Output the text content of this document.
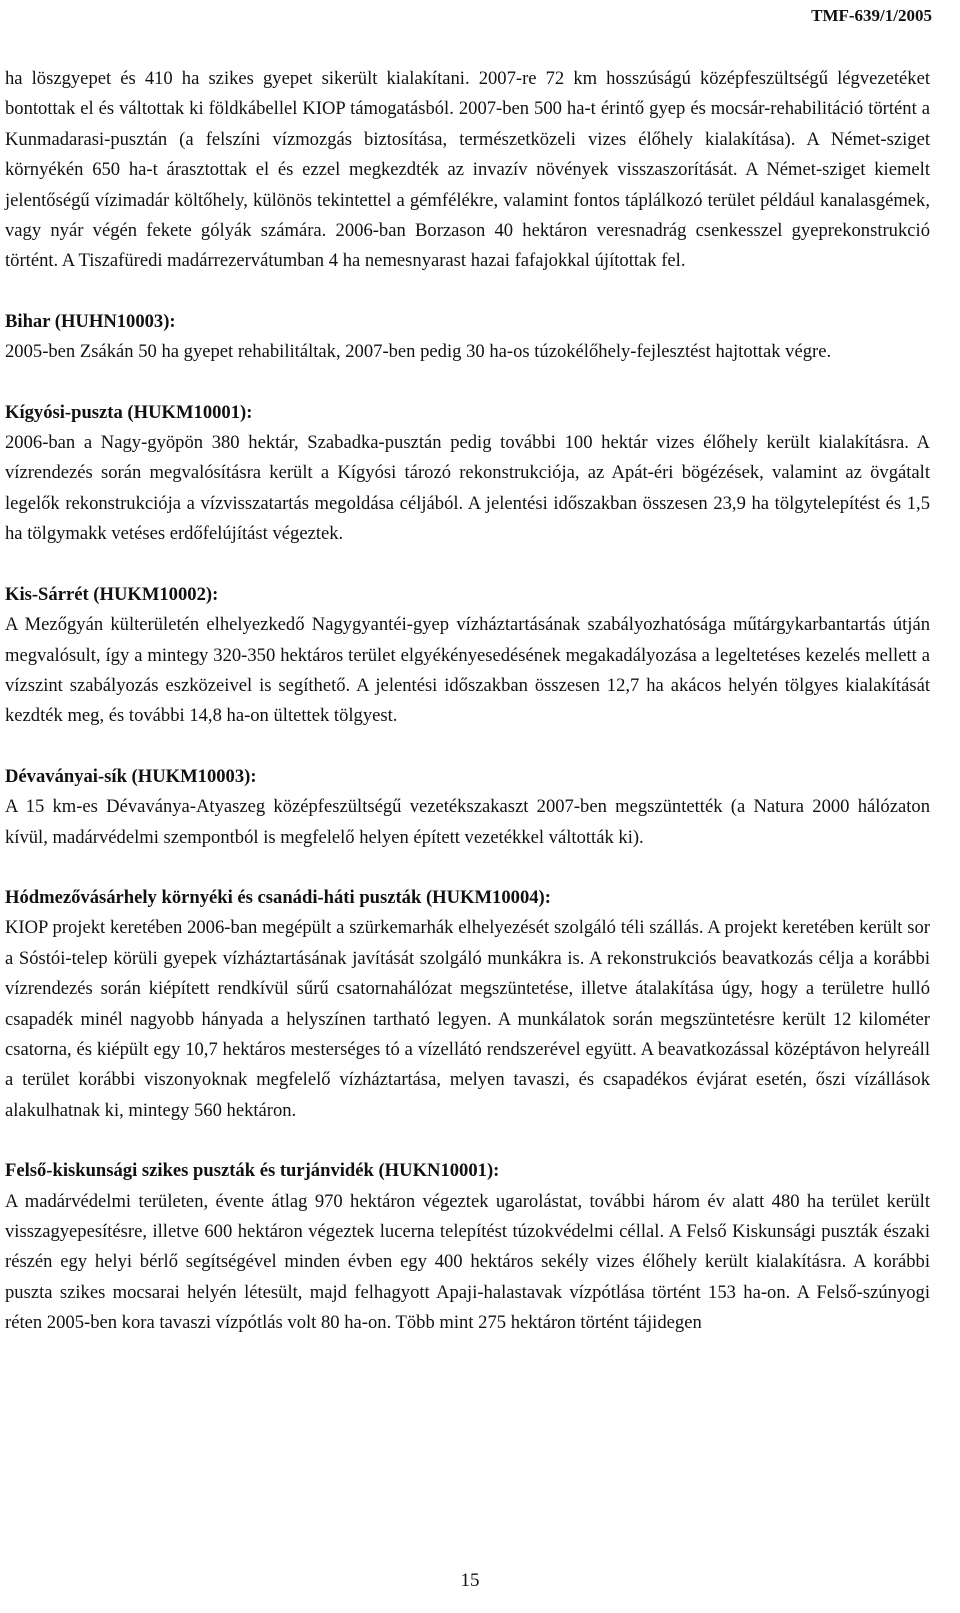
TMF-639/1/2005

ha löszgyepet és 410 ha szikes gyepet sikerült kialakítani. 2007-re 72 km hosszúságú középfeszültségű légvezetéket bontottak el és váltottak ki földkábellel KIOP támogatásból. 2007-ben 500 ha-t érintő gyep és mocsár-rehabilitáció történt a Kunmadarasi-pusztán (a felszíni vízmozgás biztosítása, természetközeli vizes élőhely kialakítása). A Német-sziget környékén 650 ha-t árasztottak el és ezzel megkezdték az invazív növények visszaszorítását. A Német-sziget kiemelt jelentőségű vízimadár költőhely, különös tekintettel a gémfélékre, valamint fontos táplálkozó terület például kanalasgémek, vagy nyár végén fekete gólyák számára. 2006-ban Borzason 40 hektáron veresnadrág csenkesszel gyeprekonstrukció történt. A Tiszafüredi madárrezervátumban 4 ha nemesnyarast hazai fafajokkal újítottak fel.

Bihar (HUHN10003):

2005-ben Zsákán 50 ha gyepet rehabilitáltak, 2007-ben pedig 30 ha-os túzokélőhely-fejlesztést hajtottak végre.

Kígyósi-puszta (HUKM10001):

2006-ban a Nagy-gyöpön 380 hektár, Szabadka-pusztán pedig további 100 hektár vizes élőhely került kialakításra. A vízrendezés során megvalósításra került a Kígyósi tározó rekonstrukciója, az Apát-éri bögézések, valamint az övgátalt legelők rekonstrukciója a vízvisszatartás megoldása céljából. A jelentési időszakban összesen 23,9 ha tölgytelepítést és 1,5 ha tölgymakk vetéses erdőfelújítást végeztek.

Kis-Sárrét (HUKM10002):

A Mezőgyán külterületén elhelyezkedő Nagygyantéi-gyep vízháztartásának szabályozhatósága műtárgykarbantartás útján megvalósult, így a mintegy 320-350 hektáros terület elgyékényesedésének megakadályozása a legeltetéses kezelés mellett a vízszint szabályozás eszközeivel is segíthető. A jelentési időszakban összesen 12,7 ha akácos helyén tölgyes kialakítását kezdték meg, és további 14,8 ha-on ültettek tölgyest.

Dévaványai-sík (HUKM10003):

A 15 km-es Dévaványa-Atyaszeg középfeszültségű vezetékszakaszt 2007-ben megszüntették (a Natura 2000 hálózaton kívül, madárvédelmi szempontból is megfelelő helyen épített vezetékkel váltották ki).

Hódmezővásárhely környéki és csanádi-háti puszták (HUKM10004):

KIOP projekt keretében 2006-ban megépült a szürkemarhák elhelyezését szolgáló téli szállás. A projekt keretében került sor a Sóstói-telep körüli gyepek vízháztartásának javítását szolgáló munkákra is. A rekonstrukciós beavatkozás célja a korábbi vízrendezés során kiépített rendkívül sűrű csatornahálózat megszüntetése, illetve átalakítása úgy, hogy a területre hulló csapadék minél nagyobb hányada a helyszínen tartható legyen. A munkálatok során megszüntetésre került 12 kilométer csatorna, és kiépült egy 10,7 hektáros mesterséges tó a vízellátó rendszerével együtt. A beavatkozással középtávon helyreáll a terület korábbi viszonyoknak megfelelő vízháztartása, melyen tavaszi, és csapadékos évjárat esetén, őszi vízállások alakulhatnak ki, mintegy 560 hektáron.

Felső-kiskunsági szikes puszták és turjánvidék (HUKN10001):

A madárvédelmi területen, évente átlag 970 hektáron végeztek ugarolástat, további három év alatt 480 ha terület került visszagyepesítésre, illetve 600 hektáron végeztek lucerna telepítést túzokvédelmi céllal. A Felső Kiskunsági puszták északi részén egy helyi bérlő segítségével minden évben egy 400 hektáros sekély vizes élőhely került kialakításra. A korábbi puszta szikes mocsarai helyén létesült, majd felhagyott Apaji-halastavak vízpótlása történt 153 ha-on. A Felső-szúnyogi réten 2005-ben kora tavaszi vízpótlás volt 80 ha-on. Több mint 275 hektáron történt tájidegen

15
